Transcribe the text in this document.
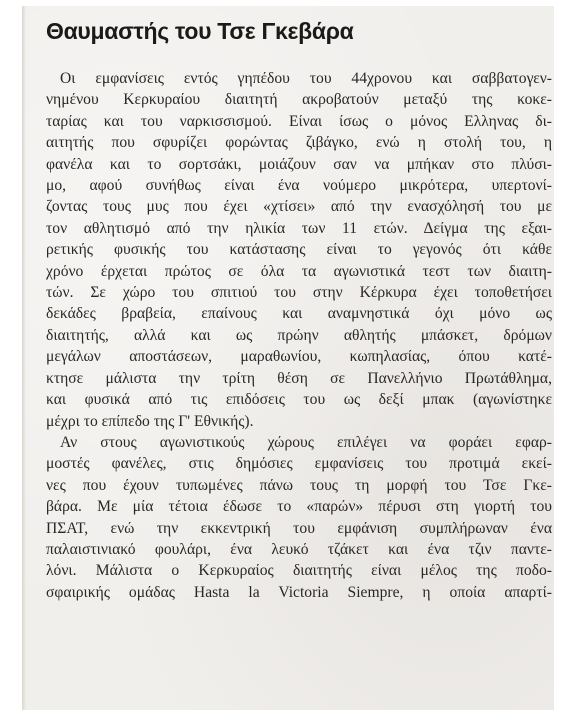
Θαυμαστής του Τσε Γκεβάρα

Οι εμφανίσεις εντός γηπέδου του 44χρονου και σαββατογεν-
νημένου Κερκυραίου διαιτητή ακροβατούν μεταξύ της κοκε-
ταρίας και του ναρκισσισμού. Είναι ίσως ο μόνος Ελληνας δι-
αιτητής που σφυρίζει φορώντας ζιβάγκο, ενώ η στολή του, η
φανέλα και το σορτσάκι, μοιάζουν σαν να μπήκαν στο πλύσι-
μο, αφού συνήθως είναι ένα νούμερο μικρότερα, υπερτονί-
ζοντας τους μυς που έχει «χτίσει» από την ενασχόλησή του με
τον αθλητισμό από την ηλικία των 11 ετών. Δείγμα της εξαι-
ρετικής φυσικής του κατάστασης είναι το γεγονός ότι κάθε
χρόνο έρχεται πρώτος σε όλα τα αγωνιστικά τεστ των διαιτη-
τών. Σε χώρο του σπιτιού του στην Κέρκυρα έχει τοποθετήσει
δεκάδες βραβεία, επαίνους και αναμνηστικά όχι μόνο ως
διαιτητής, αλλά και ως πρώην αθλητής μπάσκετ, δρόμων
μεγάλων αποστάσεων, μαραθωνίου, κωπηλασίας, όπου κατέ-
κτησε μάλιστα την τρίτη θέση σε Πανελλήνιο Πρωτάθλημα,
και φυσικά από τις επιδόσεις του ως δεξί μπακ (αγωνίστηκε
μέχρι το επίπεδο της Γ' Εθνικής).

Αν στους αγωνιστικούς χώρους επιλέγει να φοράει εφαρ-
μοστές φανέλες, στις δημόσιες εμφανίσεις του προτιμά εκεί-
νες που έχουν τυπωμένες πάνω τους τη μορφή του Τσε Γκε-
βάρα. Με μία τέτοια έδωσε το «παρών» πέρυσι στη γιορτή του
ΠΣΑΤ, ενώ την εκκεντρική του εμφάνιση συμπλήρωναν ένα
παλαιστινιακό φουλάρι, ένα λευκό τζάκετ και ένα τζιν παντε-
λόνι. Μάλιστα ο Κερκυραίος διαιτητής είναι μέλος της ποδο-
σφαιρικής ομάδας Hasta la Victoria Siempre, η οποία απαρτί-
